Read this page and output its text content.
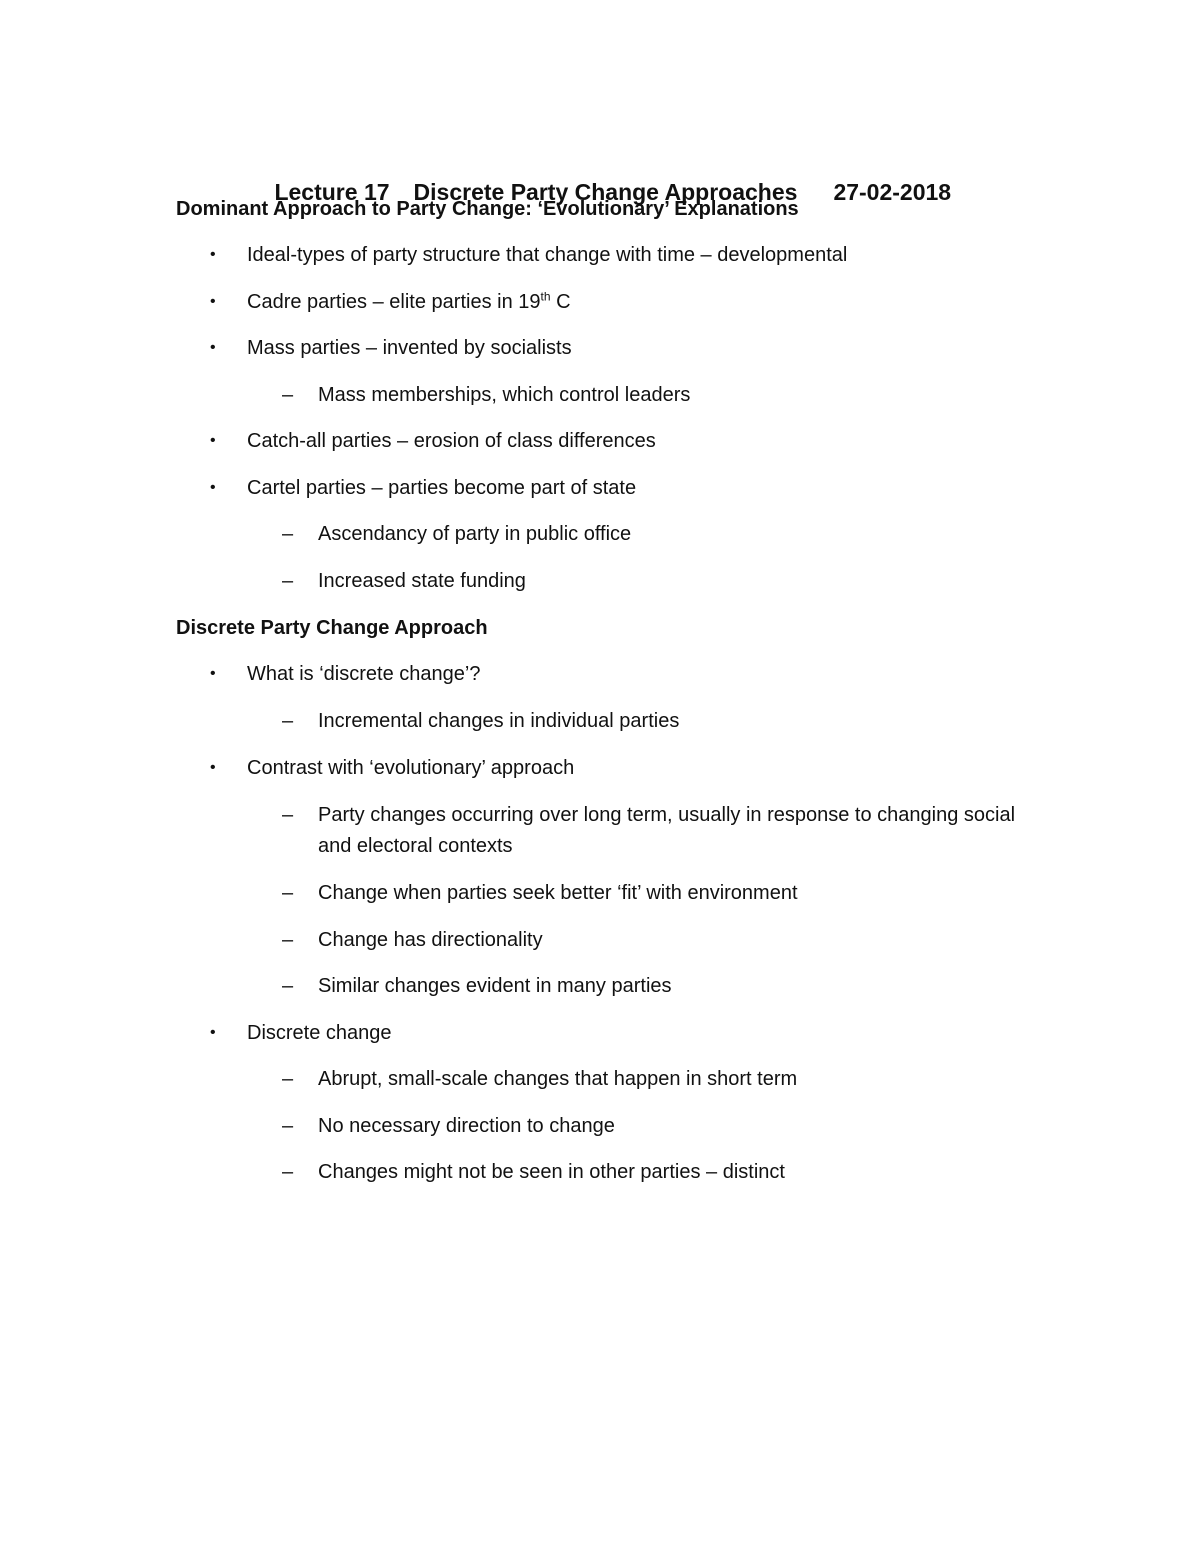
Lecture 17 Discrete Party Change Approaches 27-02-2018

Dominant Approach to Party Change: ‘Evolutionary’ Explanations
•	Ideal-types of party structure that change with time – developmental
•	Cadre parties – elite parties in 19th C
•	Mass parties – invented by socialists
–	Mass memberships, which control leaders
•	Catch-all parties – erosion of class differences
•	Cartel parties – parties become part of state
–	Ascendancy of party in public office
–	Increased state funding
Discrete Party Change Approach
•	What is ‘discrete change’?
–	Incremental changes in individual parties
•	Contrast with ‘evolutionary’ approach
–	Party changes occurring over long term, usually in response to changing social and electoral contexts
–	Change when parties seek better ‘fit’ with environment
–	Change has directionality
–	Similar changes evident in many parties
•	Discrete change
–	Abrupt, small-scale changes that happen in short term
–	No necessary direction to change
–	Changes might not be seen in other parties – distinct
